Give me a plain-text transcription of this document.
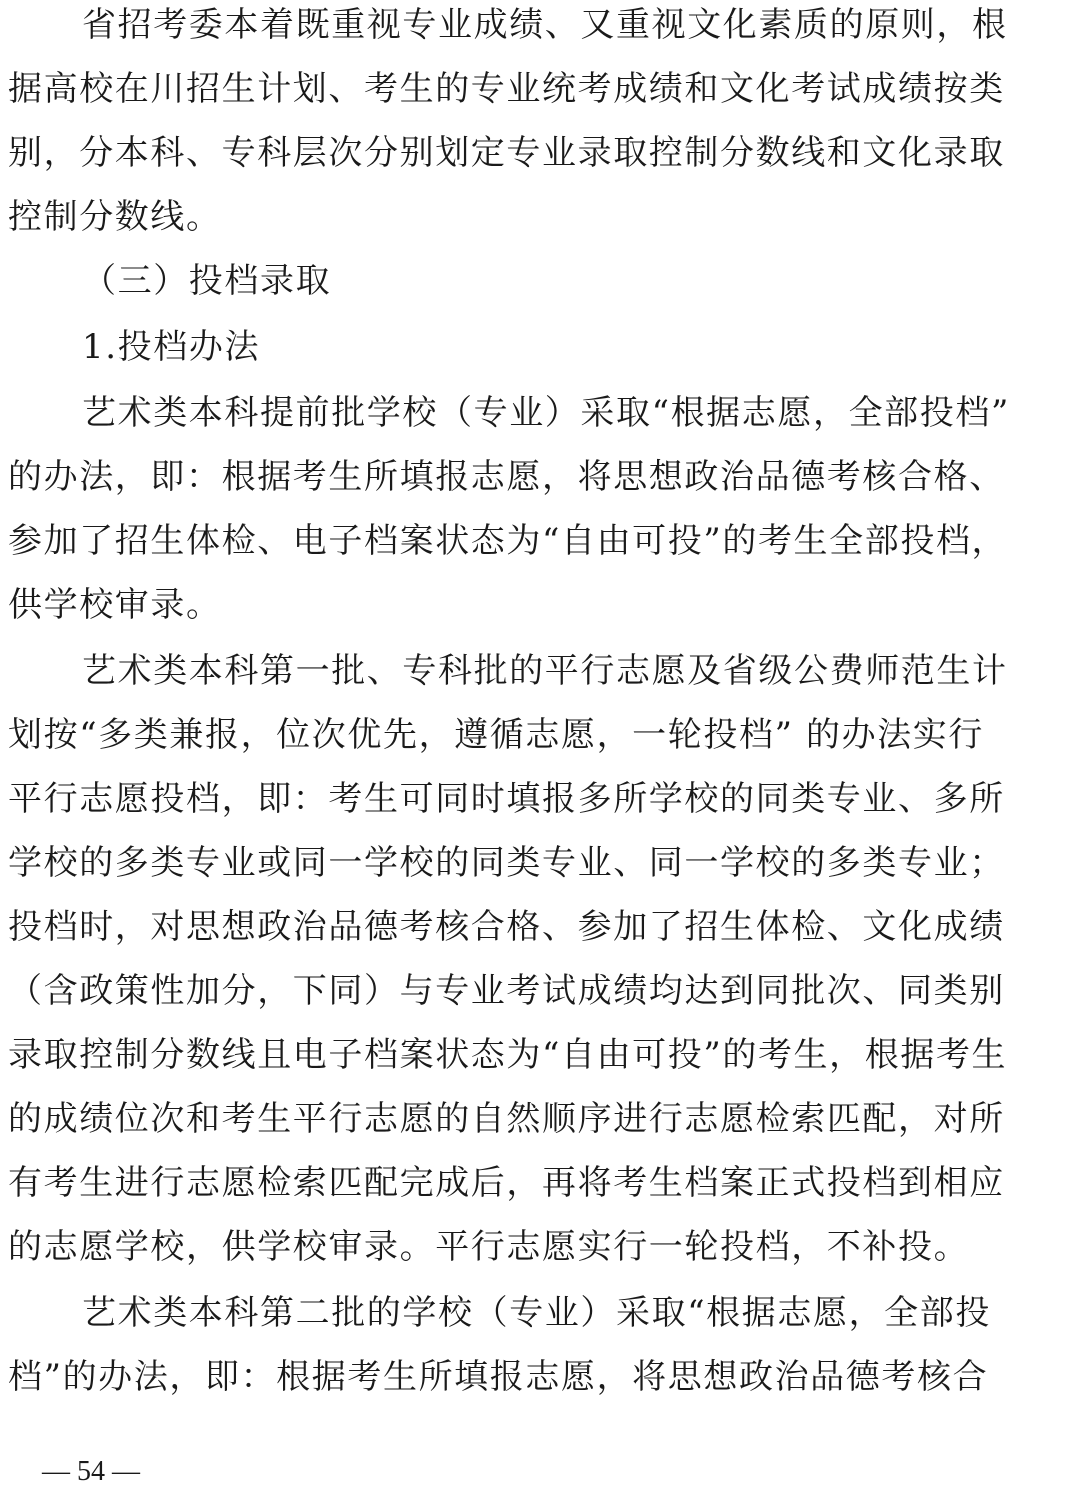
省招考委本着既重视专业成绩、又重视文化素质的原则，根
据高校在川招生计划、考生的专业统考成绩和文化考试成绩按类
别，分本科、专科层次分别划定专业录取控制分数线和文化录取
控制分数线。
（三）投档录取
1.投档办法
艺术类本科提前批学校（专业）采取“根据志愿，全部投档”
的办法，即：根据考生所填报志愿，将思想政治品德考核合格、
参加了招生体检、电子档案状态为“自由可投”的考生全部投档，
供学校审录。
艺术类本科第一批、专科批的平行志愿及省级公费师范生计
划按“多类兼报，位次优先，遵循志愿，一轮投档” 的办法实行
平行志愿投档，即：考生可同时填报多所学校的同类专业、多所
学校的多类专业或同一学校的同类专业、同一学校的多类专业；
投档时，对思想政治品德考核合格、参加了招生体检、文化成绩
（含政策性加分，下同）与专业考试成绩均达到同批次、同类别
录取控制分数线且电子档案状态为“自由可投”的考生，根据考生
的成绩位次和考生平行志愿的自然顺序进行志愿检索匹配，对所
有考生进行志愿检索匹配完成后，再将考生档案正式投档到相应
的志愿学校，供学校审录。平行志愿实行一轮投档，不补投。
艺术类本科第二批的学校（专业）采取“根据志愿，全部投
档”的办法，即：根据考生所填报志愿，将思想政治品德考核合
— 54 —
